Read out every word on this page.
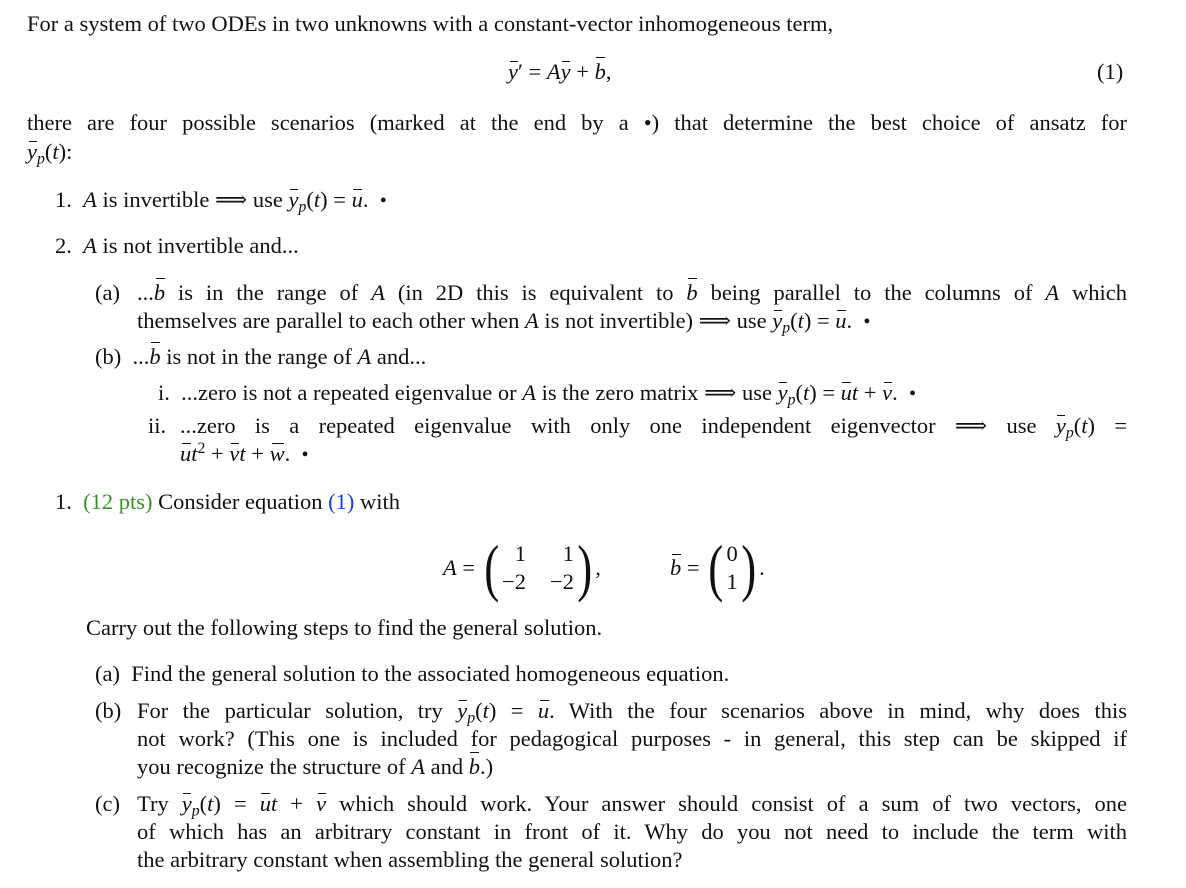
For a system of two ODEs in two unknowns with a constant-vector inhomogeneous term,
y′ = Ay + b,	(1)
there are four possible scenarios (marked at the end by a •) that determine the best choice of ansatz for
$y_p(t)$:
1. A is invertible ⟹ use $y_p(t) = u$.  •
2. A is not invertible and...
(a) ...b is in the range of A (in 2D this is equivalent to b being parallel to the columns of A which
themselves are parallel to each other when A is not invertible) ⟹ use $y_p(t) = u$.  •
(b) ...b is not in the range of A and...
i. ...zero is not a repeated eigenvalue or A is the zero matrix ⟹ use $y_p(t)$ = ut + v.  •
ii. ...zero is a repeated eigenvalue with only one independent eigenvector ⟹ use $y_p(t)$ =
$ut^2$ + vt + w.  •
1. (12 pts) Consider equation (1) with
A = ( 1	1
−2 −2 ) ,	b = ( 0
1 ) .
Carry out the following steps to find the general solution.
(a) Find the general solution to the associated homogeneous equation.
(b) For the particular solution, try $y_p(t) = u$. With the four scenarios above in mind, why does this
not work? (This one is included for pedagogical purposes - in general, this step can be skipped if
you recognize the structure of A and b.)
(c) Try $y_p(t)$ = ut + v which should work. Your answer should consist of a sum of two vectors, one
of which has an arbitrary constant in front of it. Why do you not need to include the term with
the arbitrary constant when assembling the general solution?
